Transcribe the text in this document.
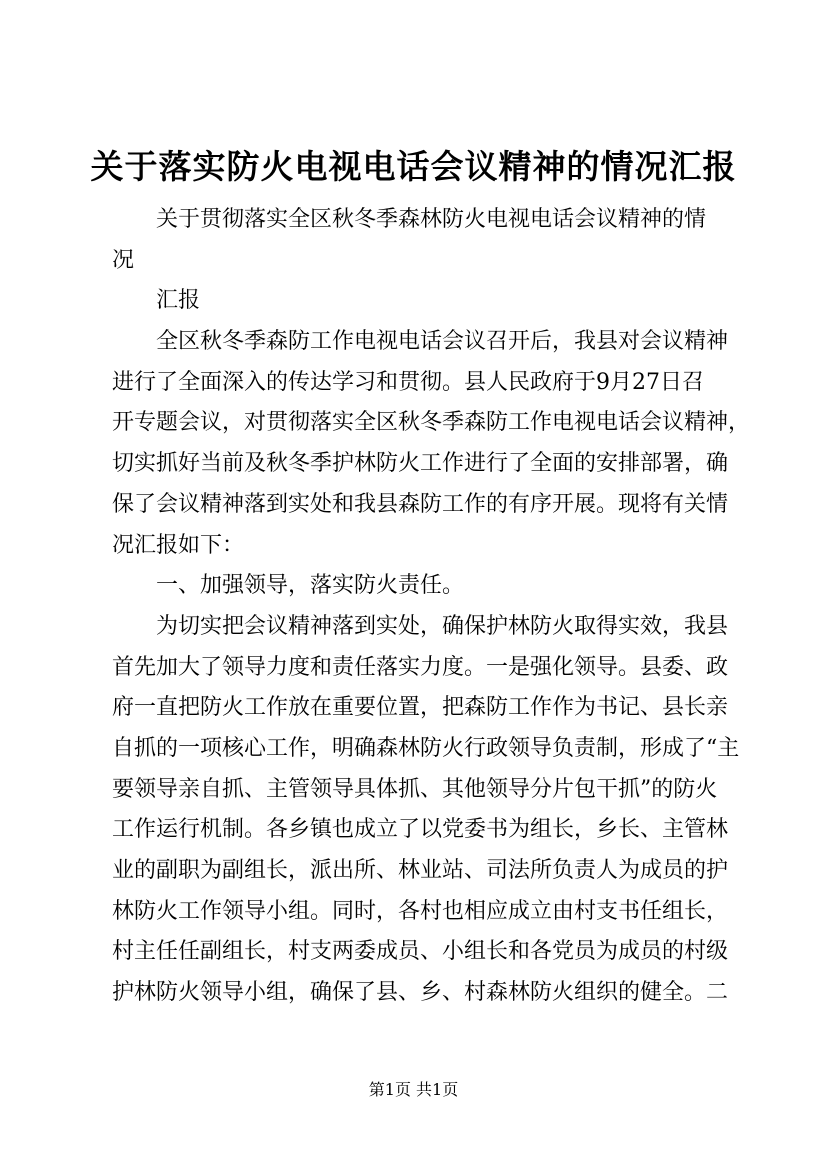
关于落实防火电视电话会议精神的情况汇报
关于贯彻落实全区秋冬季森林防火电视电话会议精神的情
况
汇报
全区秋冬季森防工作电视电话会议召开后，我县对会议精神
进行了全面深入的传达学习和贯彻。县人民政府于9月27日召
开专题会议，对贯彻落实全区秋冬季森防工作电视电话会议精神，
切实抓好当前及秋冬季护林防火工作进行了全面的安排部署，确
保了会议精神落到实处和我县森防工作的有序开展。现将有关情
况汇报如下：
一、加强领导，落实防火责任。
为切实把会议精神落到实处，确保护林防火取得实效，我县
首先加大了领导力度和责任落实力度。一是强化领导。县委、政
府一直把防火工作放在重要位置，把森防工作作为书记、县长亲
自抓的一项核心工作，明确森林防火行政领导负责制，形成了“主
要领导亲自抓、主管领导具体抓、其他领导分片包干抓”的防火
工作运行机制。各乡镇也成立了以党委书为组长，乡长、主管林
业的副职为副组长，派出所、林业站、司法所负责人为成员的护
林防火工作领导小组。同时，各村也相应成立由村支书任组长，
村主任任副组长，村支两委成员、小组长和各党员为成员的村级
护林防火领导小组，确保了县、乡、村森林防火组织的健全。二
第1页 共1页
